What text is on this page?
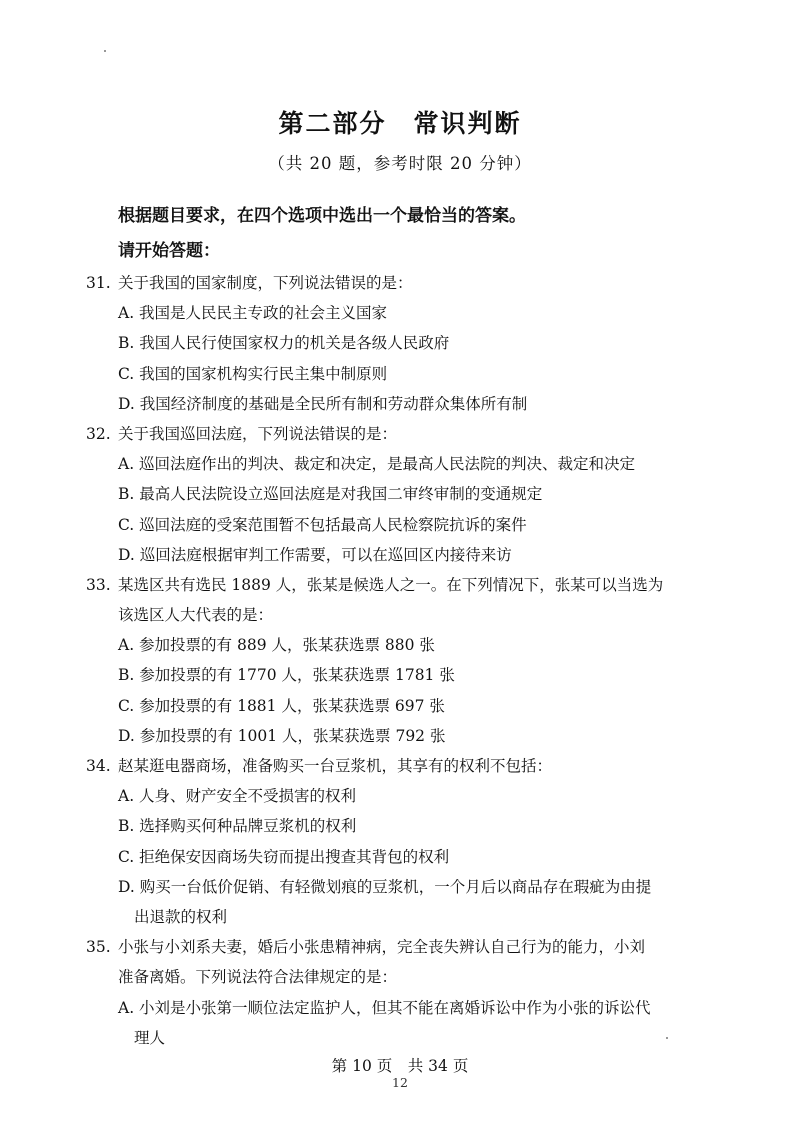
第二部分　常识判断
（共 20 题，参考时限 20 分钟）
根据题目要求，在四个选项中选出一个最恰当的答案。
请开始答题：
31. 关于我国的国家制度，下列说法错误的是：
A. 我国是人民民主专政的社会主义国家
B. 我国人民行使国家权力的机关是各级人民政府
C. 我国的国家机构实行民主集中制原则
D. 我国经济制度的基础是全民所有制和劳动群众集体所有制
32. 关于我国巡回法庭，下列说法错误的是：
A. 巡回法庭作出的判决、裁定和决定，是最高人民法院的判决、裁定和决定
B. 最高人民法院设立巡回法庭是对我国二审终审制的变通规定
C. 巡回法庭的受案范围暂不包括最高人民检察院抗诉的案件
D. 巡回法庭根据审判工作需要，可以在巡回区内接待来访
33. 某选区共有选民 1889 人，张某是候选人之一。在下列情况下，张某可以当选为
该选区人大代表的是：
A. 参加投票的有 889 人，张某获选票 880 张
B. 参加投票的有 1770 人，张某获选票 1781 张
C. 参加投票的有 1881 人，张某获选票 697 张
D. 参加投票的有 1001 人，张某获选票 792 张
34. 赵某逛电器商场，准备购买一台豆浆机，其享有的权利不包括：
A. 人身、财产安全不受损害的权利
B. 选择购买何种品牌豆浆机的权利
C. 拒绝保安因商场失窃而提出搜查其背包的权利
D. 购买一台低价促销、有轻微划痕的豆浆机，一个月后以商品存在瑕疵为由提
出退款的权利
35. 小张与小刘系夫妻，婚后小张患精神病，完全丧失辨认自己行为的能力，小刘
准备离婚。下列说法符合法律规定的是：
A. 小刘是小张第一顺位法定监护人，但其不能在离婚诉讼中作为小张的诉讼代
理人
第 10 页　共 34 页
12
